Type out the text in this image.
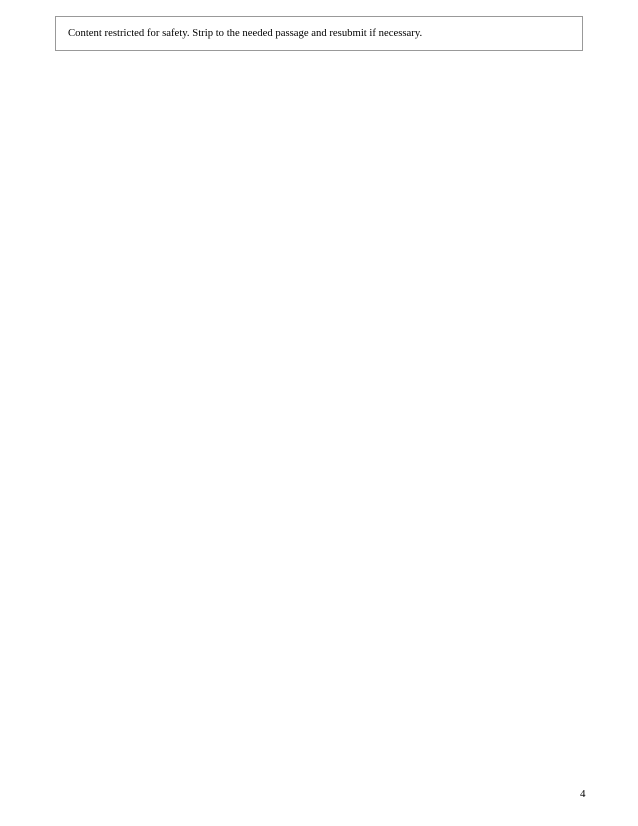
Content restricted for safety. Strip to the needed passage and resubmit if necessary.
4
